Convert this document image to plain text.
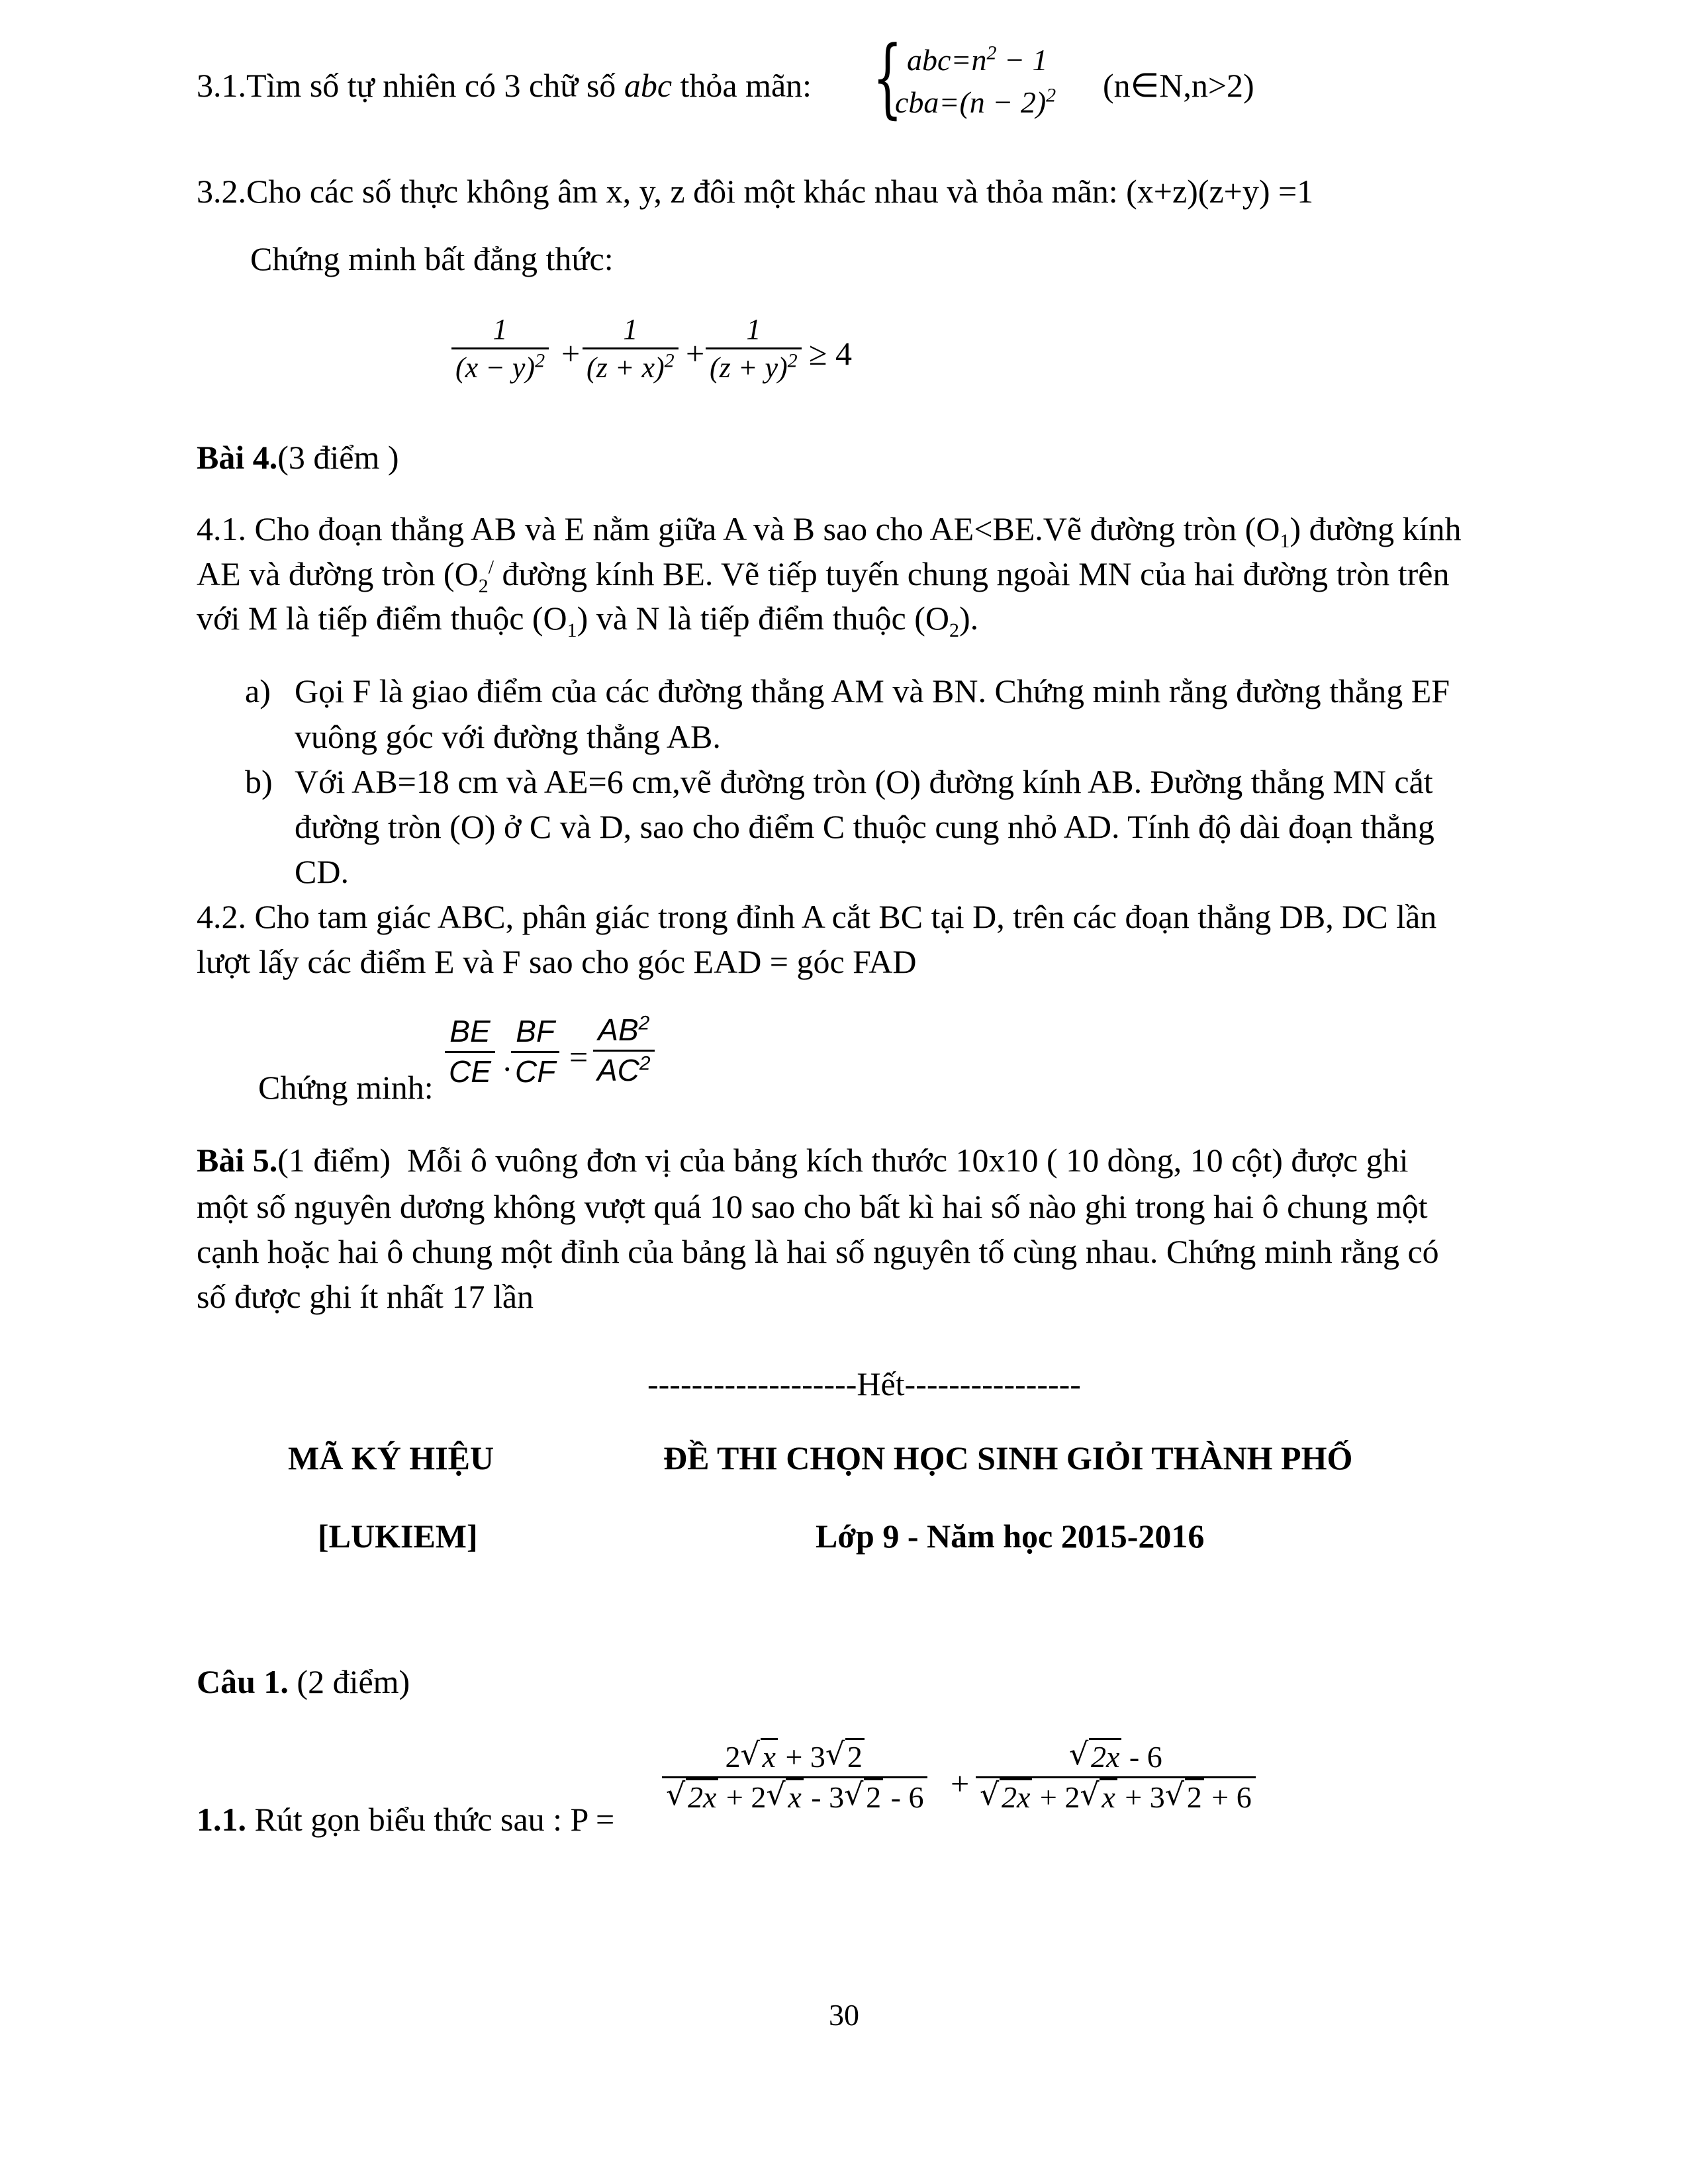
3.1.Tìm số tự nhiên có 3 chữ số abc thỏa mãn: { $abc=n^2 - 1$
$cba=(n - 2)^2$ (n∈N,n>2)
3.2.Cho các số thực không âm x, y, z đôi một khác nhau và thỏa mãn: (x+z)(z+y) =1
Chứng minh bất đẳng thức:
1
$(x - y)^2$ +
1
$(z + x)^2$ +
1
$(z + y)^2 \ge 4$
Bài 4.(3 điểm )
4.1. Cho đoạn thẳng AB và E nằm giữa A và B sao cho AE<BE.Vẽ đường tròn $(O_1)$ đường kính
AE và đường tròn ($O_2^/$ đường kính BE. Vẽ tiếp tuyến chung ngoài MN của hai đường tròn trên
với M là tiếp điểm thuộc $(O_1)$ và N là tiếp điểm thuộc $(O_2)$.
a) Gọi F là giao điểm của các đường thẳng AM và BN. Chứng minh rằng đường thẳng EF
vuông góc với đường thẳng AB.
b) Với AB=18 cm và AE=6 cm,vẽ đường tròn (O) đường kính AB. Đường thẳng MN cắt
đường tròn (O) ở C và D, sao cho điểm C thuộc cung nhỏ AD. Tính độ dài đoạn thẳng
CD.
4.2. Cho tam giác ABC, phân giác trong đỉnh A cắt BC tại D, trên các đoạn thẳng DB, DC lần
lượt lấy các điểm E và F sao cho góc EAD = góc FAD
Chứng minh:
BE
CE .
BF
CF =
$AB^2$
$AC^2$
Bài 5.(1 điểm)  Mỗi ô vuông đơn vị của bảng kích thước 10x10 ( 10 dòng, 10 cột) được ghi
một số nguyên dương không vượt quá 10 sao cho bất kì hai số nào ghi trong hai ô chung một
cạnh hoặc hai ô chung một đỉnh của bảng là hai số nguyên tố cùng nhau. Chứng minh rằng có
số được ghi ít nhất 17 lần
-------------------Hết----------------
MÃ KÝ HIỆU
[LUKIEM]
ĐỀ THI CHỌN HỌC SINH GIỎI THÀNH PHỐ
Lớp 9 - Năm học 2015-2016
Câu 1. (2 điểm)
1.1. Rút gọn biểu thức sau : P =
2 √ x + 3 √ 2
√ 2x + 2 √ x - 3 √ 2 - 6 +
√ 2x - 6
√ 2x + 2 √ x + 3 √ 2 + 6
30
